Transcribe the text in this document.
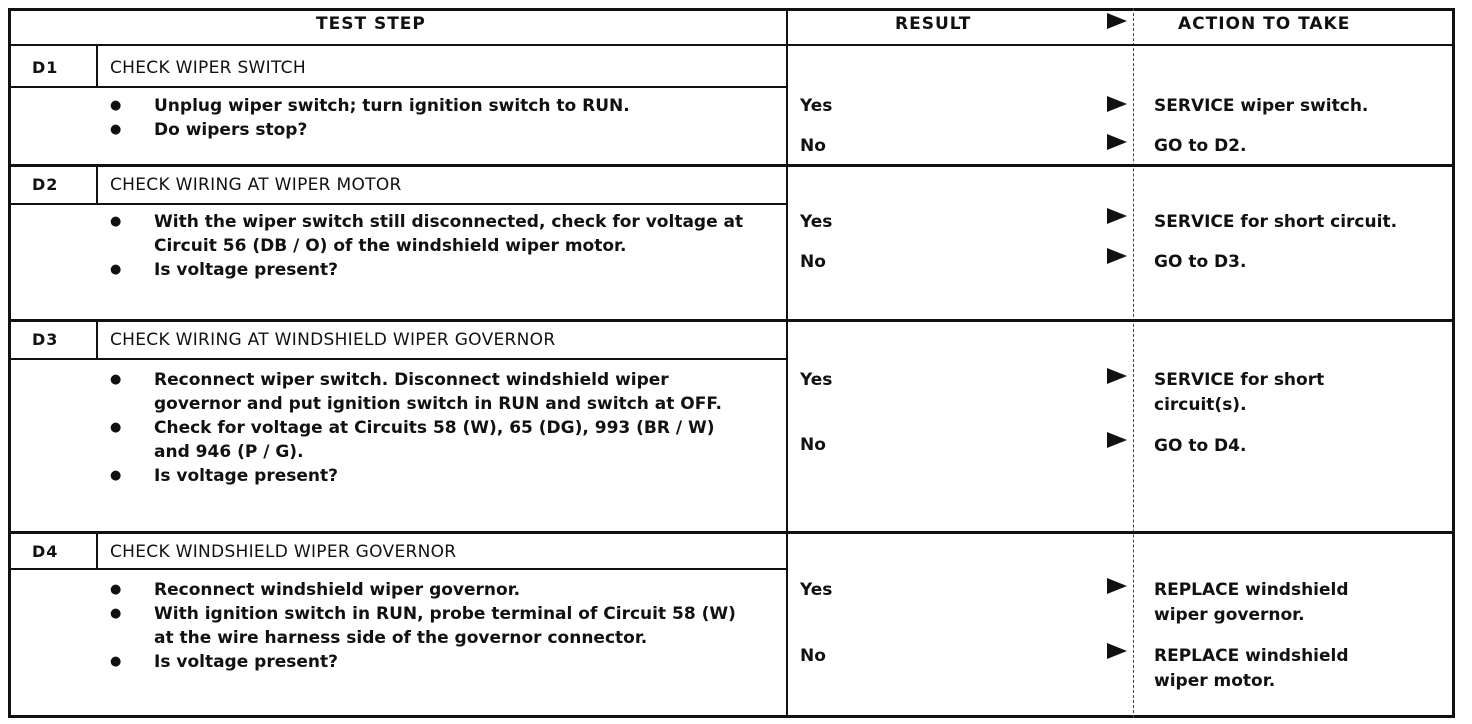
TEST STEP	RESULT	ACTION TO TAKE
D1	CHECK WIPER SWITCH
● Unplug wiper switch; turn ignition switch to RUN.
● Do wipers stop?
Yes	SERVICE wiper switch.
No	GO to D2.
D2	CHECK WIRING AT WIPER MOTOR
● With the wiper switch still disconnected, check for voltage at Circuit 56 (DB / O) of the windshield wiper motor.
● Is voltage present?
Yes	SERVICE for short circuit.
No	GO to D3.
D3	CHECK WIRING AT WINDSHIELD WIPER GOVERNOR
● Reconnect wiper switch. Disconnect windshield wiper governor and put ignition switch in RUN and switch at OFF.
● Check for voltage at Circuits 58 (W), 65 (DG), 993 (BR / W) and 946 (P / G).
● Is voltage present?
Yes	SERVICE for short circuit(s).
No	GO to D4.
D4	CHECK WINDSHIELD WIPER GOVERNOR
● Reconnect windshield wiper governor.
● With ignition switch in RUN, probe terminal of Circuit 58 (W) at the wire harness side of the governor connector.
● Is voltage present?
Yes	REPLACE windshield wiper governor.
No	REPLACE windshield wiper motor.
